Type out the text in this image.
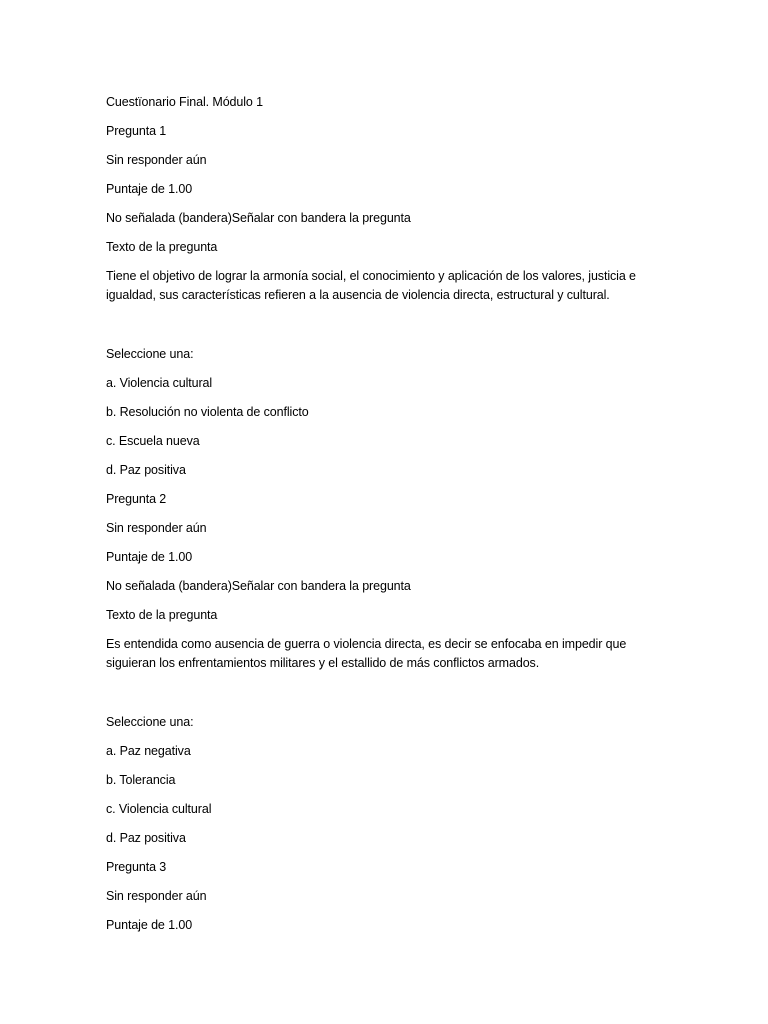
Cuestïonario Final. Módulo 1
Pregunta 1
Sin responder aún
Puntaje de 1.00
No señalada (bandera)Señalar con bandera la pregunta
Texto de la pregunta
Tiene el objetivo de lograr la armonía social, el conocimiento y aplicación de los valores, justicia e igualdad, sus características refieren a la ausencia de violencia directa, estructural y cultural.
Seleccione una:
a. Violencia cultural
b. Resolución no violenta de conflicto
c. Escuela nueva
d. Paz positiva
Pregunta 2
Sin responder aún
Puntaje de 1.00
No señalada (bandera)Señalar con bandera la pregunta
Texto de la pregunta
Es entendida como ausencia de guerra o violencia directa, es decir se enfocaba en impedir que siguieran los enfrentamientos militares y el estallido de más conflictos armados.
Seleccione una:
a. Paz negativa
b. Tolerancia
c. Violencia cultural
d. Paz positiva
Pregunta 3
Sin responder aún
Puntaje de 1.00
